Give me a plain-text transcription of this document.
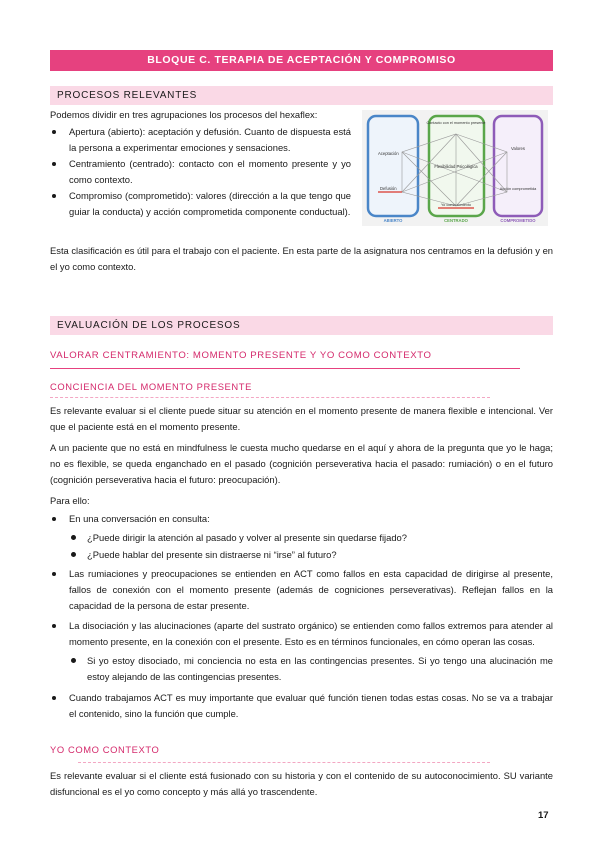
BLOQUE C. TERAPIA DE ACEPTACIÓN Y COMPROMISO
PROCESOS RELEVANTES
Podemos dividir en tres agrupaciones los procesos del hexaflex:
Apertura (abierto): aceptación y defusión. Cuanto de dispuesta está la persona a experimentar emociones y sensaciones.
Centramiento (centrado): contacto con el momento presente y yo como contexto.
Compromiso (comprometido): valores (dirección a la que tengo que guiar la conducta) y acción comprometida componente conductual).
Aceptación
Defusión
Contacto con el momento presente
Flexibilidad Psicológica
Yo como contexto
Valores
Acción comprometida
ABIERTO	CENTRADO	COMPROMETIDO
Esta clasificación es útil para el trabajo con el paciente. En esta parte de la asignatura nos centramos en la defusión y en el yo como contexto.
EVALUACIÓN DE LOS PROCESOS
VALORAR CENTRAMIENTO: MOMENTO PRESENTE Y YO COMO CONTEXTO
CONCIENCIA DEL MOMENTO PRESENTE
Es relevante evaluar si el cliente puede situar su atención en el momento presente de manera flexible e intencional. Ver que el paciente está en el momento presente.
A un paciente que no está en mindfulness le cuesta mucho quedarse en el aquí y ahora de la pregunta que yo le haga; no es flexible, se queda enganchado en el pasado (cognición perseverativa hacia el pasado: rumiación) o en el futuro (cognición perseverativa hacia el futuro: preocupación).
Para ello:
En una conversación en consulta:
¿Puede dirigir la atención al pasado y volver al presente sin quedarse fijado?
¿Puede hablar del presente sin distraerse ni “irse” al futuro?
Las rumiaciones y preocupaciones se entienden en ACT como fallos en esta capacidad de dirigirse al presente, fallos de conexión con el momento presente (además de cogniciones perseverativas). Reflejan fallos en la capacidad de la persona de estar presente.
La disociación y las alucinaciones (aparte del sustrato orgánico) se entienden como fallos extremos para atender al momento presente, en la conexión con el presente. Esto es en términos funcionales, en cómo operan las cosas.
Si yo estoy disociado, mi conciencia no esta en las contingencias presentes. Si yo tengo una alucinación me estoy alejando de las contingencias presentes.
Cuando trabajamos ACT es muy importante que evaluar qué función tienen todas estas cosas. No se va a trabajar el contenido, sino la función que cumple.
YO COMO CONTEXTO
Es relevante evaluar si el cliente está fusionado con su historia y con el contenido de su autoconocimiento. SU variante disfuncional es el yo como concepto y más allá yo trascendente.
17
